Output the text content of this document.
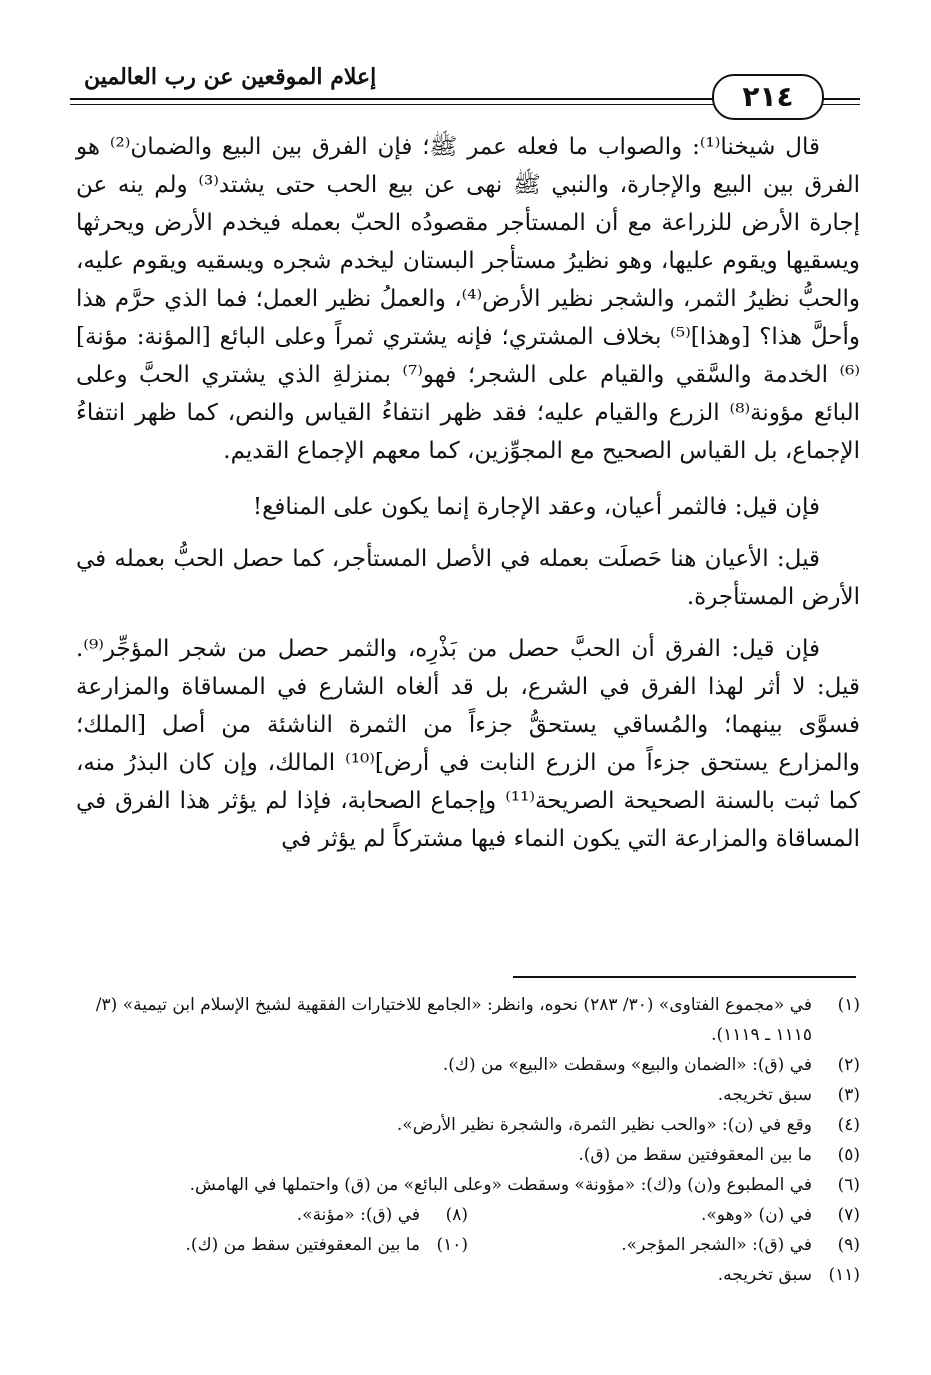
إعلام الموقعين عن رب العالمين
٢١٤

قال شيخنا⁽¹⁾: والصواب ما فعله عمر ﷺ؛ فإن الفرق بين البيع والضمان⁽²⁾ هو الفرق بين البيع والإجارة، والنبي ﷺ نهى عن بيع الحب حتى يشتد⁽³⁾ ولم ينه عن إجارة الأرض للزراعة مع أن المستأجر مقصودُه الحبّ بعمله فيخدم الأرض ويحرثها ويسقيها ويقوم عليها، وهو نظيرُ مستأجر البستان ليخدم شجره ويسقيه ويقوم عليه، والحبُّ نظيرُ الثمر، والشجر نظير الأرض⁽⁴⁾، والعملُ نظير العمل؛ فما الذي حرَّم هذا وأحلَّ هذا؟ [وهذا]⁽⁵⁾ بخلاف المشتري؛ فإنه يشتري ثمراً وعلى البائع [المؤنة: مؤنة]⁽⁶⁾ الخدمة والسَّقي والقيام على الشجر؛ فهو⁽⁷⁾ بمنزلةِ الذي يشتري الحبَّ وعلى البائع مؤونة⁽⁸⁾ الزرع والقيام عليه؛ فقد ظهر انتفاءُ القياس والنص، كما ظهر انتفاءُ الإجماع، بل القياس الصحيح مع المجوِّزين، كما معهم الإجماع القديم.

فإن قيل: فالثمر أعيان، وعقد الإجارة إنما يكون على المنافع!

قيل: الأعيان هنا حَصلَت بعمله في الأصل المستأجر، كما حصل الحبُّ بعمله في الأرض المستأجرة.

فإن قيل: الفرق أن الحبَّ حصل من بَذْرِه، والثمر حصل من شجر المؤجِّر⁽⁹⁾. قيل: لا أثر لهذا الفرق في الشرع، بل قد ألغاه الشارع في المساقاة والمزارعة فسوَّى بينهما؛ والمُساقي يستحقُّ جزءاً من الثمرة الناشئة من أصل [الملك؛ والمزارع يستحق جزءاً من الزرع النابت في أرض]⁽¹⁰⁾ المالك، وإن كان البذرُ منه، كما ثبت بالسنة الصحيحة الصريحة⁽¹¹⁾ وإجماع الصحابة، فإذا لم يؤثر هذا الفرق في المساقاة والمزارعة التي يكون النماء فيها مشتركاً لم يؤثر في

(١)
في «مجموع الفتاوى» (٣٠/ ٢٨٣) نحوه، وانظر: «الجامع للاختيارات الفقهية لشيخ الإسلام ابن تيمية» (٣/ ١١١٥ ـ ١١١٩).
(٢)
في (ق): «الضمان والبيع» وسقطت «البيع» من (ك).
(٣)
سبق تخريجه.
(٤)
وقع في (ن): «والحب نظير الثمرة، والشجرة نظير الأرض».
(٥)
ما بين المعقوفتين سقط من (ق).
(٦)
في المطبوع و(ن) و(ك): «مؤونة» وسقطت «وعلى البائع» من (ق) واحتملها في الهامش.
(٧)
في (ن) «وهو».
(٨)
في (ق): «مؤنة».
(٩)
في (ق): «الشجر المؤجر».
(١٠)
ما بين المعقوفتين سقط من (ك).
(١١)
سبق تخريجه.
